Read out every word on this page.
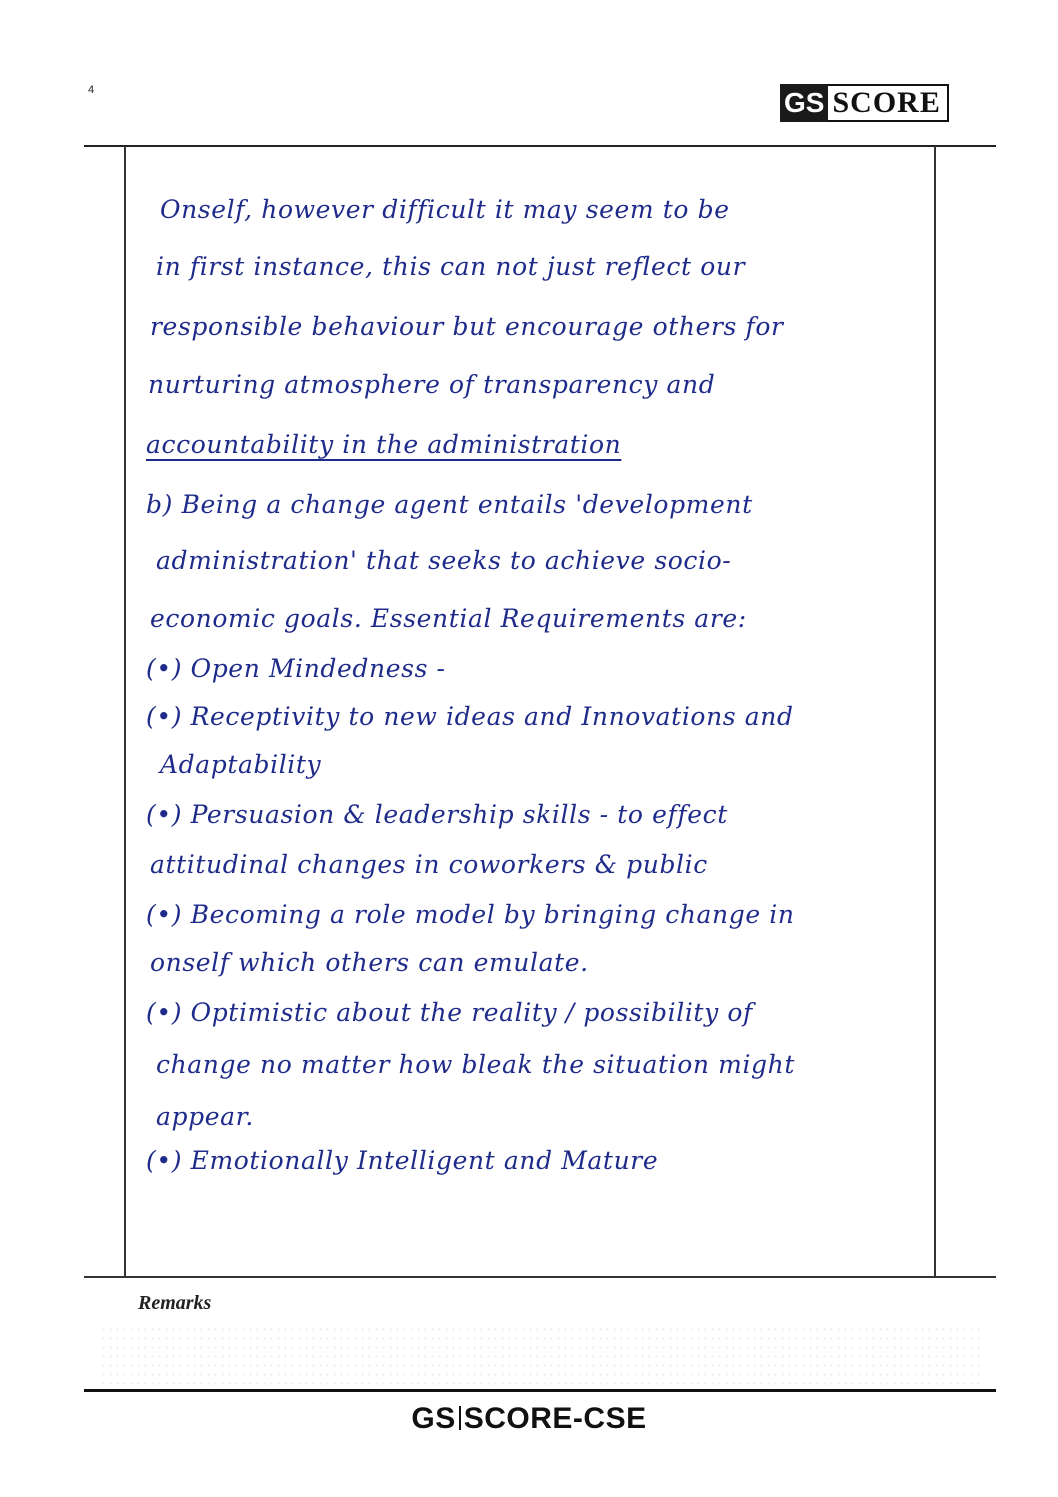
4	GS SCORE
Onself, however difficult it may seem to be
in first instance, this can not just reflect our
responsible behaviour but encourage others for
nurturing atmosphere of transparency and
accountability in the administration
b) Being a change agent entails 'development
administration' that seeks to achieve socio-
economic goals. Essential Requirements are:
(•) Open Mindedness -
(•) Receptivity to new ideas and Innovations and
Adaptability
(•) Persuasion & leadership skills - to effect
attitudinal changes in coworkers & public
(•) Becoming a role model by bringing change in
onself which others can emulate.
(•) Optimistic about the reality / possibility of
change no matter how bleak the situation might
appear.
(•) Emotionally Intelligent and Mature
Remarks
GS SCORE-CSE
